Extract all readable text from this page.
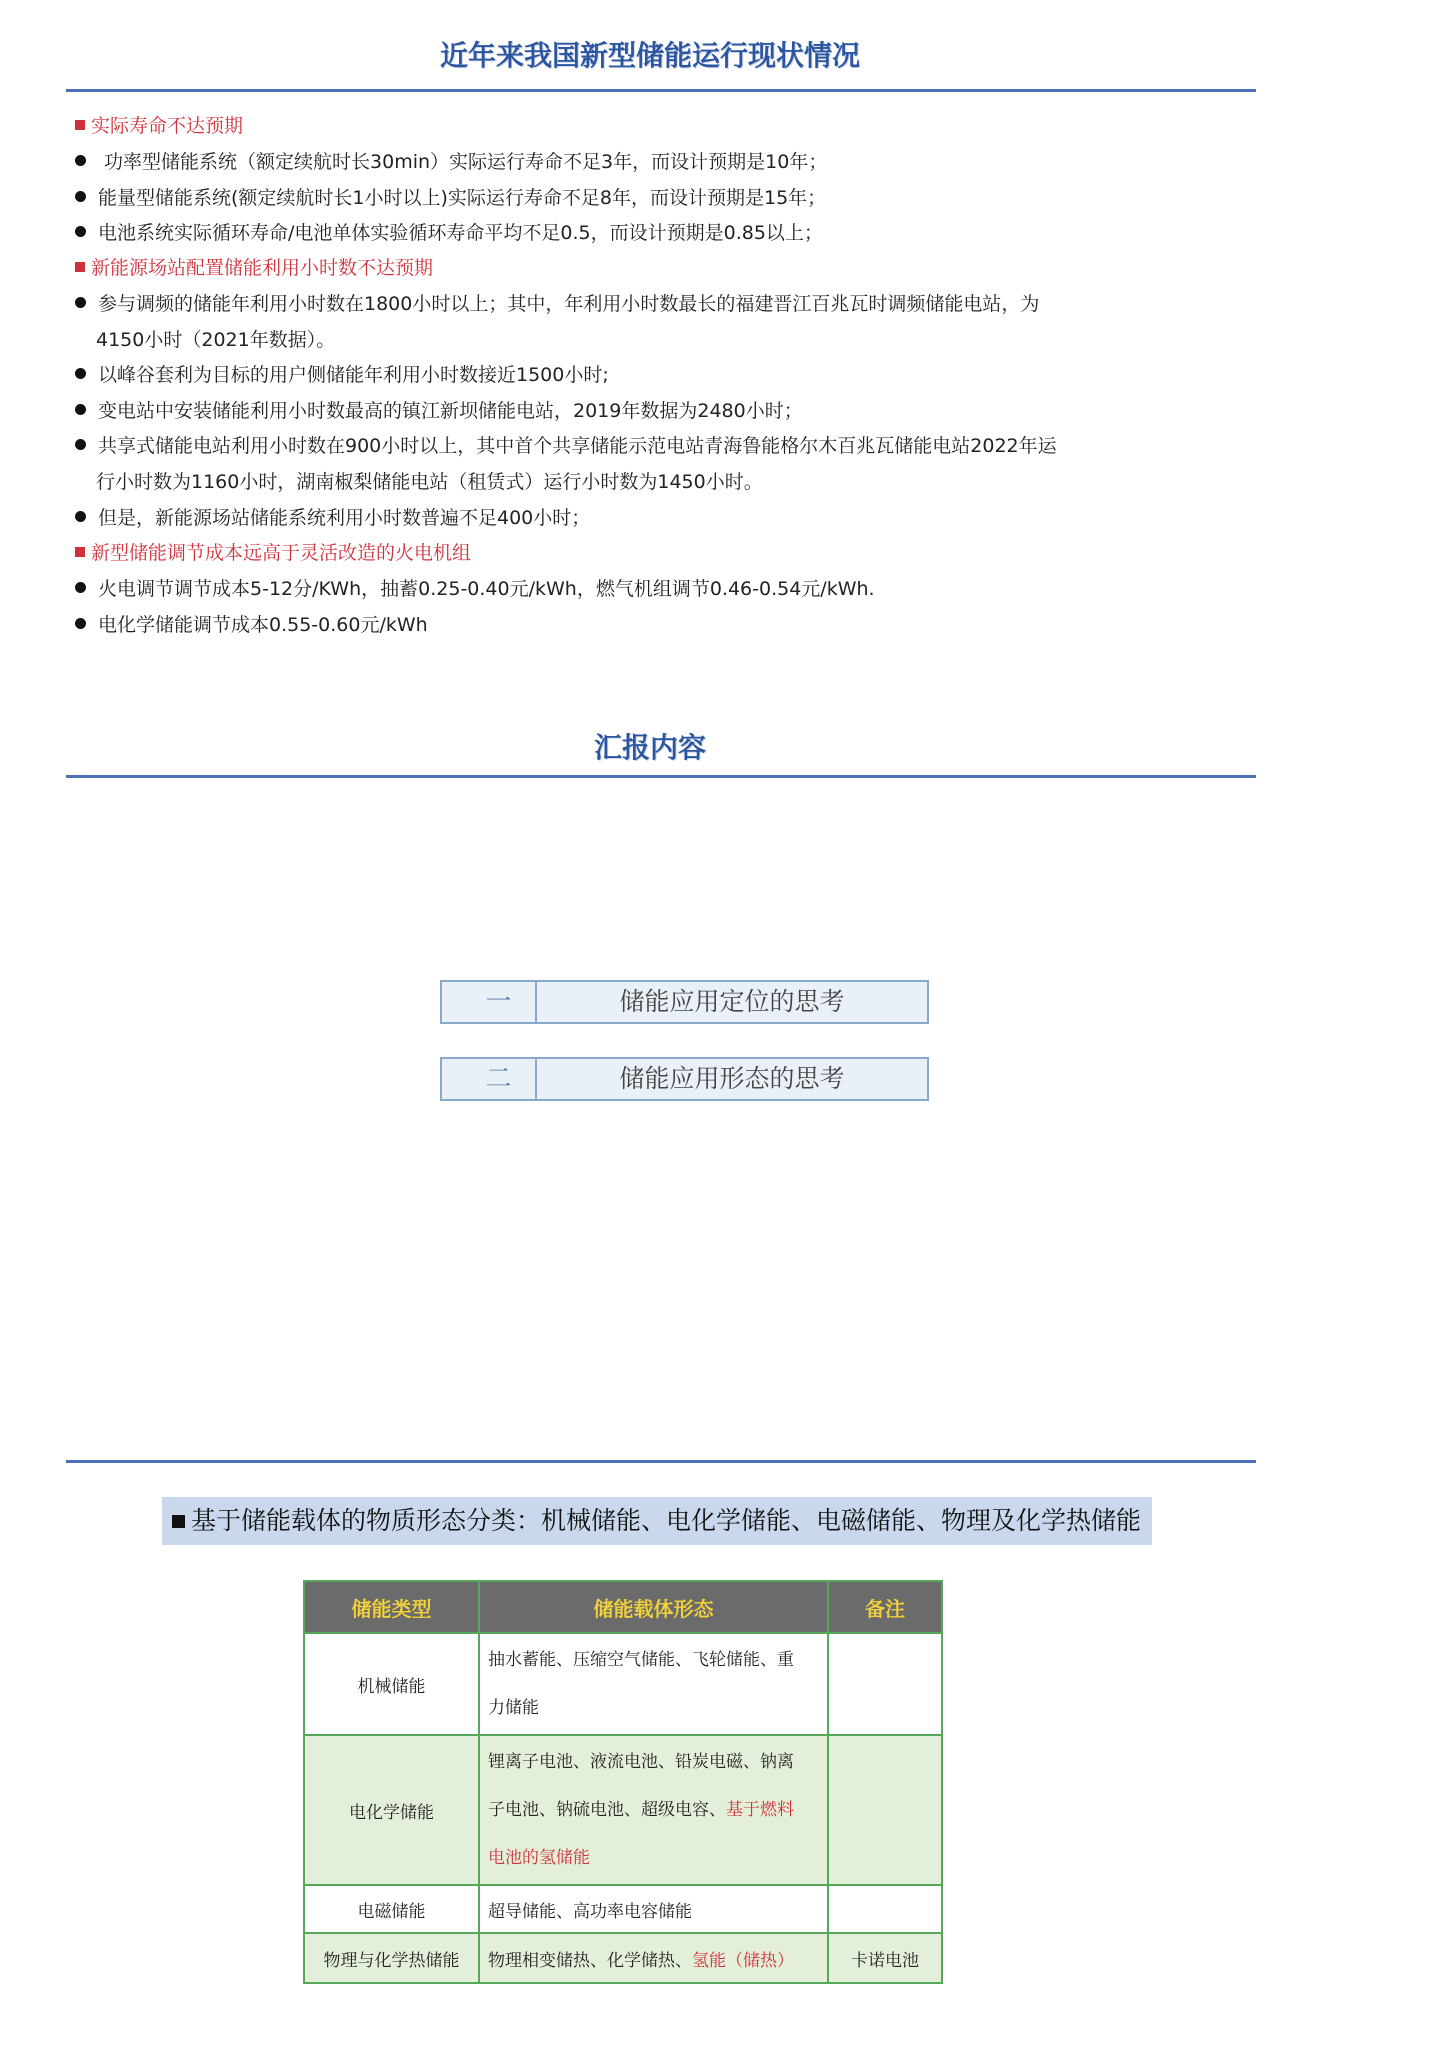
近年来我国新型储能运行现状情况
实际寿命不达预期
功率型储能系统（额定续航时长30min）实际运行寿命不足3年，而设计预期是10年；
能量型储能系统(额定续航时长1小时以上)实际运行寿命不足8年，而设计预期是15年；
电池系统实际循环寿命/电池单体实验循环寿命平均不足0.5，而设计预期是0.85以上；
新能源场站配置储能利用小时数不达预期
参与调频的储能年利用小时数在1800小时以上；其中，年利用小时数最长的福建晋江百兆瓦时调频储能电站，为
4150小时（2021年数据）。
以峰谷套利为目标的用户侧储能年利用小时数接近1500小时;
变电站中安装储能利用小时数最高的镇江新坝储能电站，2019年数据为2480小时；
共享式储能电站利用小时数在900小时以上，其中首个共享储能示范电站青海鲁能格尔木百兆瓦储能电站2022年运
行小时数为1160小时，湖南椒梨储能电站（租赁式）运行小时数为1450小时。
但是，新能源场站储能系统利用小时数普遍不足400小时；
新型储能调节成本远高于灵活改造的火电机组
火电调节调节成本5-12分/KWh，抽蓄0.25-0.40元/kWh，燃气机组调节0.46-0.54元/kWh.
电化学储能调节成本0.55-0.60元/kWh
汇报内容
一	储能应用定位的思考
二	储能应用形态的思考
基于储能载体的物质形态分类：机械储能、电化学储能、电磁储能、物理及化学热储能
储能类型	储能载体形态	备注
机械储能	抽水蓄能、压缩空气储能、飞轮储能、重
力储能	
电化学储能	锂离子电池、液流电池、铅炭电磁、钠离
子电池、钠硫电池、超级电容、基于燃料
电池的氢储能	
电磁储能	超导储能、高功率电容储能	
物理与化学热储能	物理相变储热、化学储热、氢能（储热）	卡诺电池
